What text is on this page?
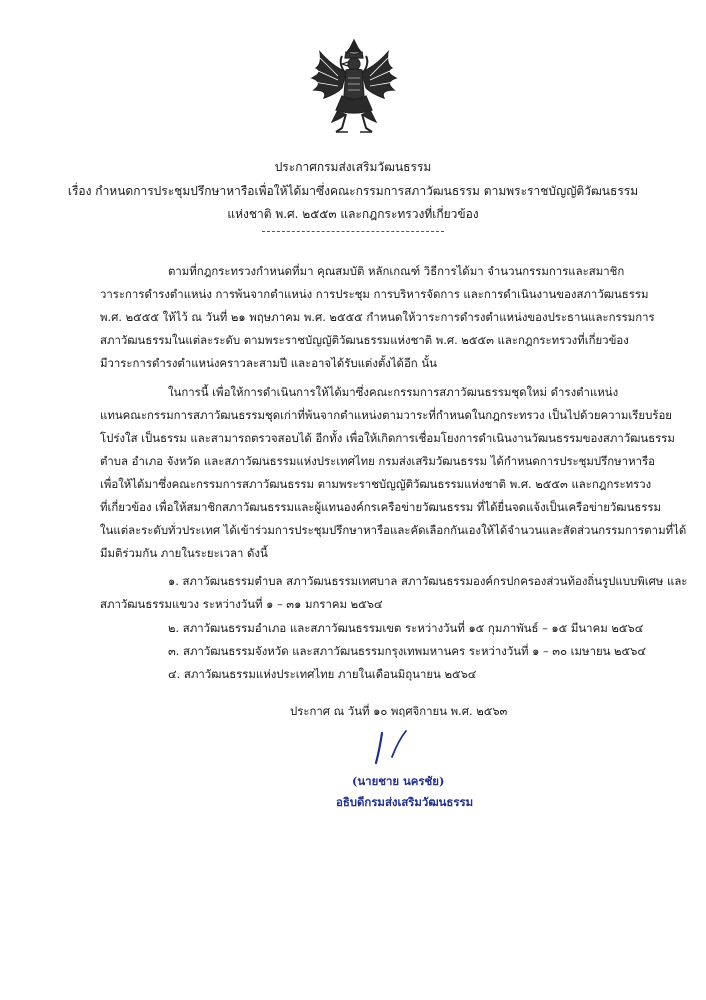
ประกาศกรมส่งเสริมวัฒนธรรม
เรื่อง กำหนดการประชุมปรึกษาหารือเพื่อให้ได้มาซึ่งคณะกรรมการสภาวัฒนธรรม ตามพระราชบัญญัติวัฒนธรรม
แห่งชาติ พ.ศ. ๒๕๕๓ และกฎกระทรวงที่เกี่ยวข้อง
ตามที่กฎกระทรวงกำหนดที่มา คุณสมบัติ หลักเกณฑ์ วิธีการได้มา จำนวนกรรมการและสมาชิก
วาระการดำรงตำแหน่ง การพ้นจากตำแหน่ง การประชุม การบริหารจัดการ และการดำเนินงานของสภาวัฒนธรรม
พ.ศ. ๒๕๕๕ ให้ไว้ ณ วันที่ ๒๑ พฤษภาคม พ.ศ. ๒๕๕๕ กำหนดให้วาระการดำรงตำแหน่งของประธานและกรรมการ
สภาวัฒนธรรมในแต่ละระดับ ตามพระราชบัญญัติวัฒนธรรมแห่งชาติ พ.ศ. ๒๕๕๓ และกฎกระทรวงที่เกี่ยวข้อง
มีวาระการดำรงตำแหน่งคราวละสามปี และอาจได้รับแต่งตั้งได้อีก นั้น
ในการนี้ เพื่อให้การดำเนินการให้ได้มาซึ่งคณะกรรมการสภาวัฒนธรรมชุดใหม่ ดำรงตำแหน่ง
แทนคณะกรรมการสภาวัฒนธรรมชุดเก่าที่พ้นจากตำแหน่งตามวาระที่กำหนดในกฎกระทรวง เป็นไปด้วยความเรียบร้อย
โปร่งใส เป็นธรรม และสามารถตรวจสอบได้ อีกทั้ง เพื่อให้เกิดการเชื่อมโยงการดำเนินงานวัฒนธรรมของสภาวัฒนธรรม
ตำบล อำเภอ จังหวัด และสภาวัฒนธรรมแห่งประเทศไทย กรมส่งเสริมวัฒนธรรม ได้กำหนดการประชุมปรึกษาหารือ
เพื่อให้ได้มาซึ่งคณะกรรมการสภาวัฒนธรรม ตามพระราชบัญญัติวัฒนธรรมแห่งชาติ พ.ศ. ๒๕๕๓ และกฎกระทรวง
ที่เกี่ยวข้อง เพื่อให้สมาชิกสภาวัฒนธรรมและผู้แทนองค์กรเครือข่ายวัฒนธรรม ที่ได้ยื่นจดแจ้งเป็นเครือข่ายวัฒนธรรม
ในแต่ละระดับทั่วประเทศ ได้เข้าร่วมการประชุมปรึกษาหารือและคัดเลือกกันเองให้ได้จำนวนและสัดส่วนกรรมการตามที่ได้
มีมติร่วมกัน ภายในระยะเวลา ดังนี้
๑. สภาวัฒนธรรมตำบล สภาวัฒนธรรมเทศบาล สภาวัฒนธรรมองค์กรปกครองส่วนท้องถิ่นรูปแบบพิเศษ และ
สภาวัฒนธรรมแขวง ระหว่างวันที่ ๑ – ๓๑ มกราคม ๒๕๖๔
๒. สภาวัฒนธรรมอำเภอ และสภาวัฒนธรรมเขต ระหว่างวันที่ ๑๕ กุมภาพันธ์ – ๑๕ มีนาคม ๒๕๖๔
๓. สภาวัฒนธรรมจังหวัด และสภาวัฒนธรรมกรุงเทพมหานคร ระหว่างวันที่ ๑ – ๓๐ เมษายน ๒๕๖๔
๔. สภาวัฒนธรรมแห่งประเทศไทย ภายในเดือนมิถุนายน ๒๕๖๔
ประกาศ ณ วันที่ ๑๐ พฤศจิกายน พ.ศ. ๒๕๖๓
(นายชาย นครชัย)
อธิบดีกรมส่งเสริมวัฒนธรรม
